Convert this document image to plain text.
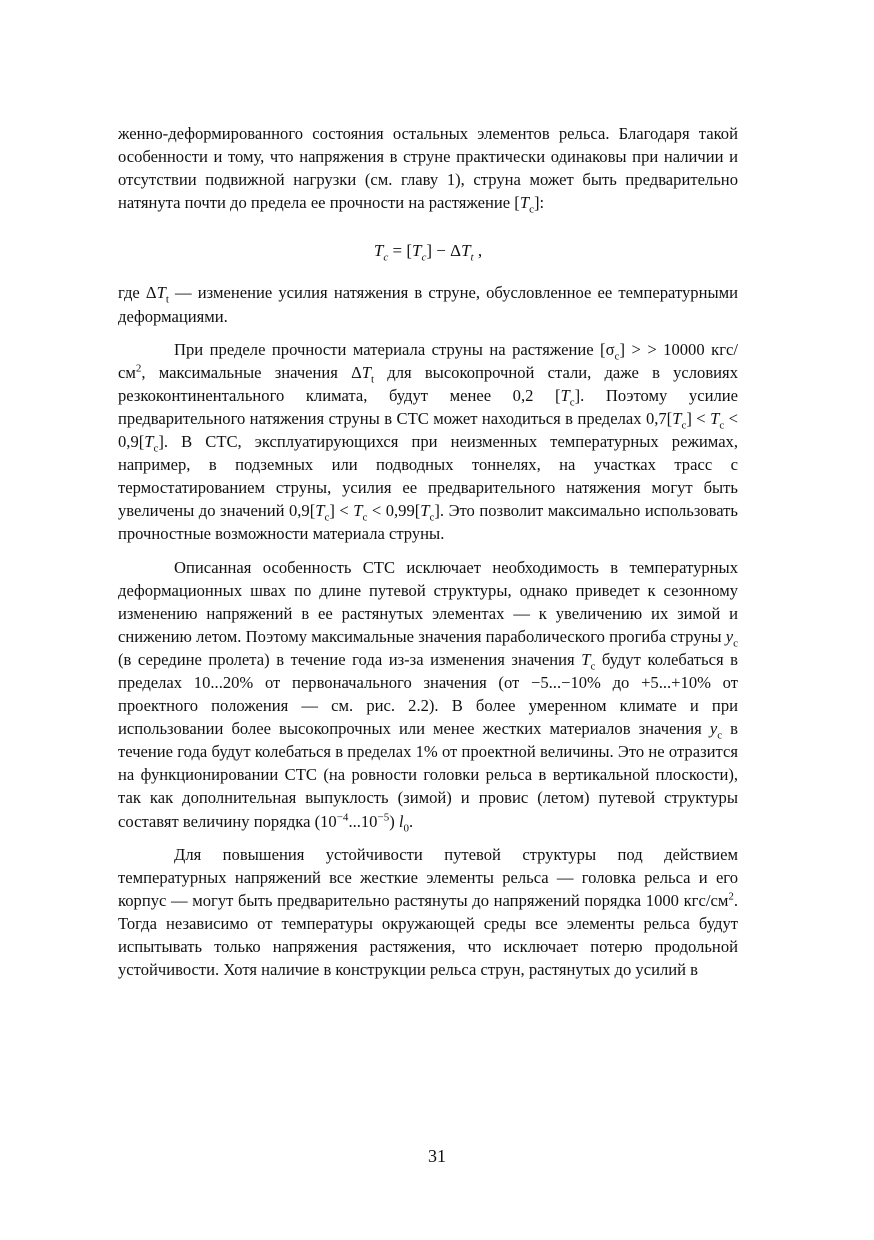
женно-деформированного состояния остальных элементов рельса. Благодаря такой особенности и тому, что напряжения в струне практически одинаковы при наличии и отсутствии подвижной нагрузки (см. главу 1), струна может быть предварительно натянута почти до предела ее прочности на растяжение $[T_c]$:

$T_c = [T_c] - \Delta T_t$ ,

где $\Delta T_t$ — изменение усилия натяжения в струне, обусловленное ее температурными деформациями.

При пределе прочности материала струны на растяжение $[\sigma_c]$ > > 10000 кгс/$см^2$, максимальные значения $\Delta T_t$ для высокопрочной стали, даже в условиях резкоконтинентального климата, будут менее 0,2 $[T_c]$. Поэтому усилие предварительного натяжения струны в СТС может находиться в пределах $0,7[T_c] < T_c < 0,9[T_c]$. В СТС, эксплуатирующихся при неизменных температурных режимах, например, в подземных или подводных тоннелях, на участках трасс с термостатированием струны, усилия ее предварительного натяжения могут быть увеличены до значений $0,9[T_c] < T_c < 0,99[T_c]$. Это позволит максимально использовать прочностные возможности материала струны.

Описанная особенность СТС исключает необходимость в температурных деформационных швах по длине путевой структуры, однако приведет к сезонному изменению напряжений в ее растянутых элементах — к увеличению их зимой и снижению летом. Поэтому максимальные значения параболического прогиба струны $y_c$ (в середине пролета) в течение года из-за изменения значения $T_c$ будут колебаться в пределах 10...20% от первоначального значения (от −5...−10% до +5...+10% от проектного положения — см. рис. 2.2). В более умеренном климате и при использовании более высокопрочных или менее жестких материалов значения $y_c$ в течение года будут колебаться в пределах 1% от проектной величины. Это не отразится на функционировании СТС (на ровности головки рельса в вертикальной плоскости), так как дополнительная выпуклость (зимой) и провис (летом) путевой структуры составят величину порядка $(10^{-4}...10^{-5})$ $l_0$.

Для повышения устойчивости путевой структуры под действием температурных напряжений все жесткие элементы рельса — головка рельса и его корпус — могут быть предварительно растянуты до напряжений порядка 1000 кгс/$см^2$. Тогда независимо от температуры окружающей среды все элементы рельса будут испытывать только напряжения растяжения, что исключает потерю продольной устойчивости. Хотя наличие в конструкции рельса струн, растянутых до усилий в

31
